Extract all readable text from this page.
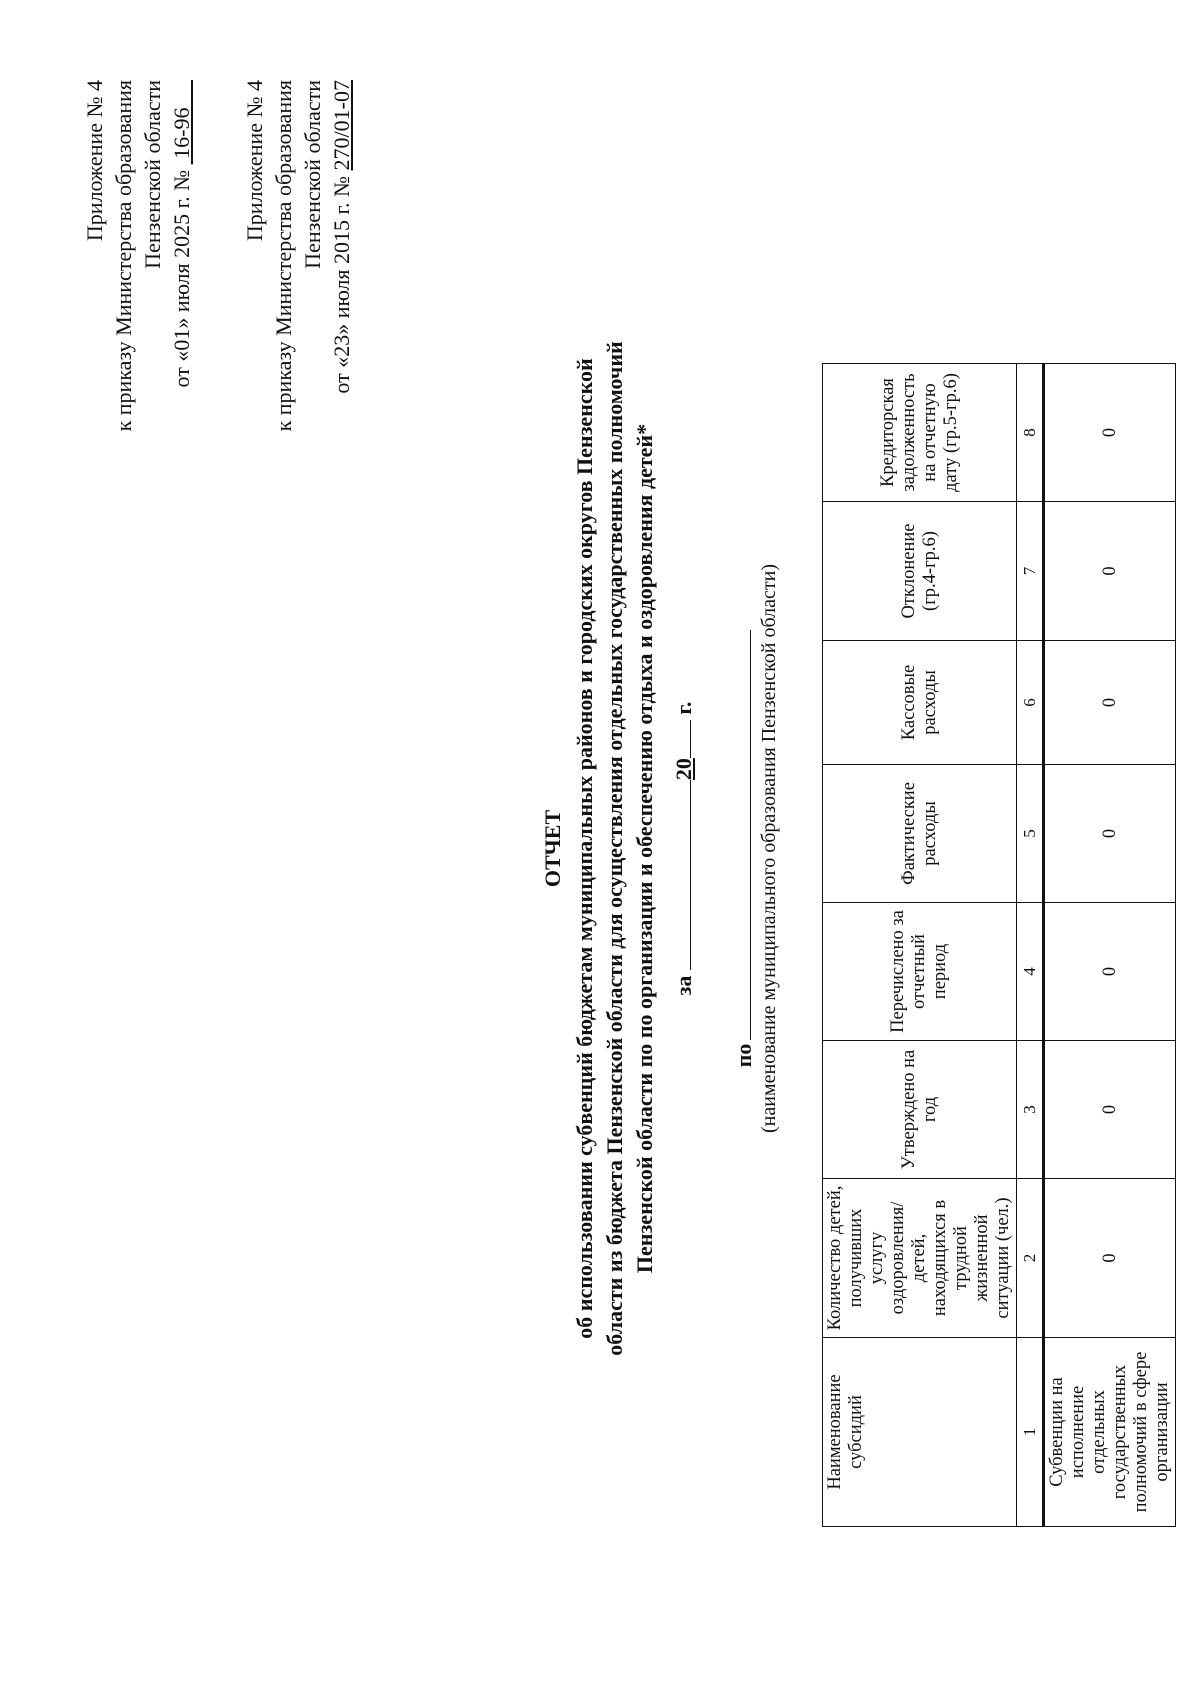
Приложение № 4 к приказу Министерства образования Пензенской области от «01» июля 2025 г. №  16-96 Приложение № 4 к приказу Министерства образования Пензенской области от «23» июля 2015 г. № 270/01-07
ОТЧЕТ об использовании субвенций бюджетам муниципальных районов и городских округов Пензенской области из бюджета Пензенской области для осуществления отдельных государственных полномочий Пензенской области по по организации и обеспечению отдыха и оздоровления детей* за 20 г.
по (наименование муниципального образования Пензенской области)
Наименование субсидий	Количество детей, получивших услугу оздоровления/детей, находящихся в трудной жизненной ситуации (чел.)	Утверждено на год	Перечислено за отчетный период	Фактические расходы	Кассовые расходы	Отклонение (гр.4-гр.6)	Кредиторская задолженность на отчетную дату (гр.5-гр.6)
1	2	3	4	5	6	7	8
Субвенции на исполнение отдельных государственных полномочий в сфере организации	0	0	0	0	0	0	0
